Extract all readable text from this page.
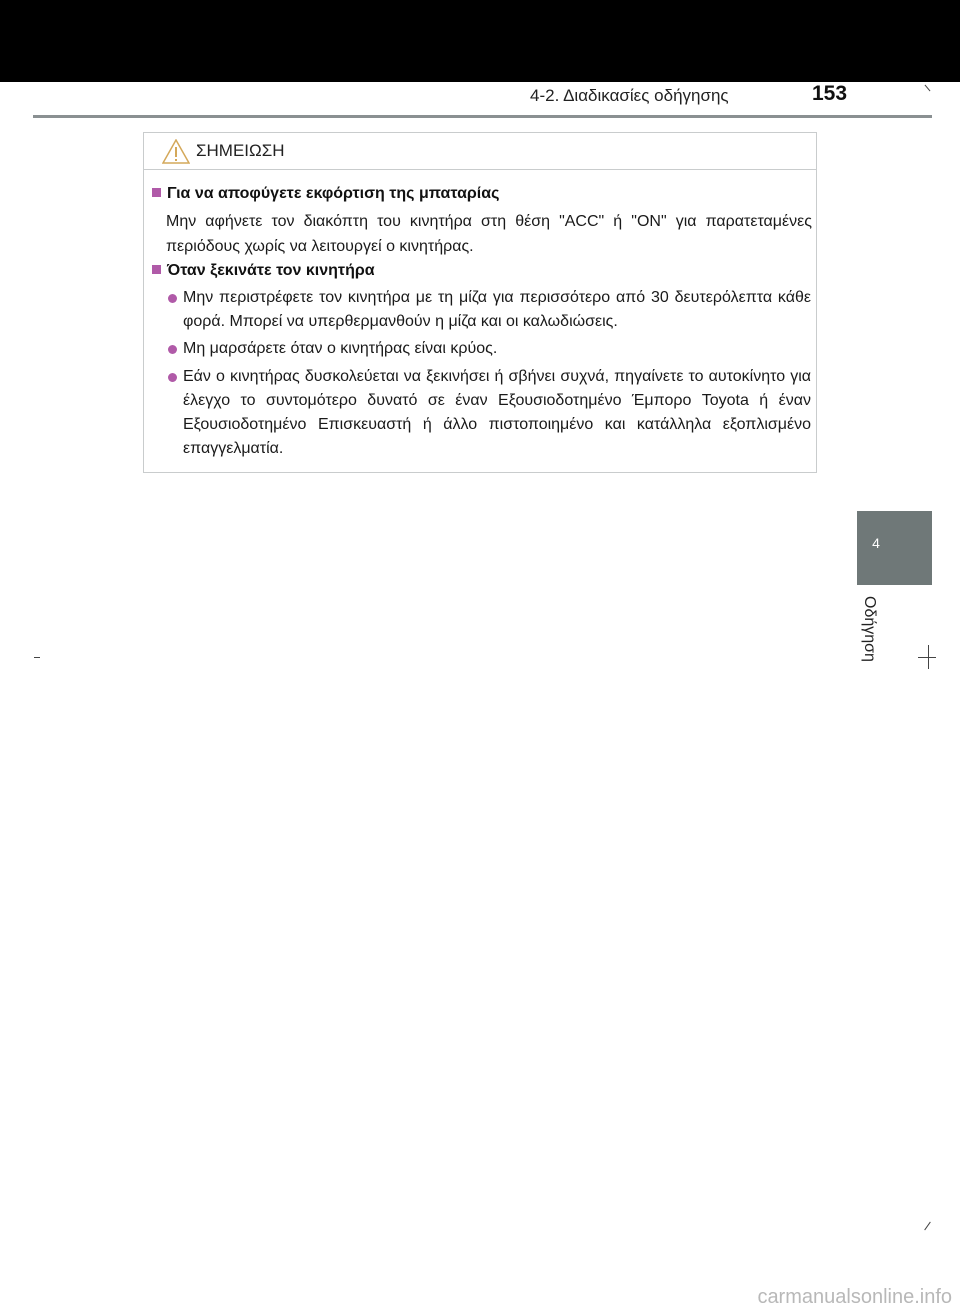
4-2. Διαδικασίες οδήγησης	153
ΣΗΜΕΙΩΣΗ
Για να αποφύγετε εκφόρτιση της μπαταρίας
Μην αφήνετε τον διακόπτη του κινητήρα στη θέση "ACC" ή "ON" για παρατεταμένες περιόδους χωρίς να λειτουργεί ο κινητήρας.
Όταν ξεκινάτε τον κινητήρα
Μην περιστρέφετε τον κινητήρα με τη μίζα για περισσότερο από 30 δευτερόλεπτα κάθε φορά. Μπορεί να υπερθερμανθούν η μίζα και οι καλωδιώσεις.
Μη μαρσάρετε όταν ο κινητήρας είναι κρύος.
Εάν ο κινητήρας δυσκολεύεται να ξεκινήσει ή σβήνει συχνά, πηγαίνετε το αυτοκίνητο για έλεγχο το συντομότερο δυνατό σε έναν Εξουσιοδοτημένο Έμπορο Toyota ή έναν Εξουσιοδοτημένο Επισκευαστή ή άλλο πιστοποιημένο και κατάλληλα εξοπλισμένο επαγγελματία.
4
Οδήγηση
carmanualsonline.info
